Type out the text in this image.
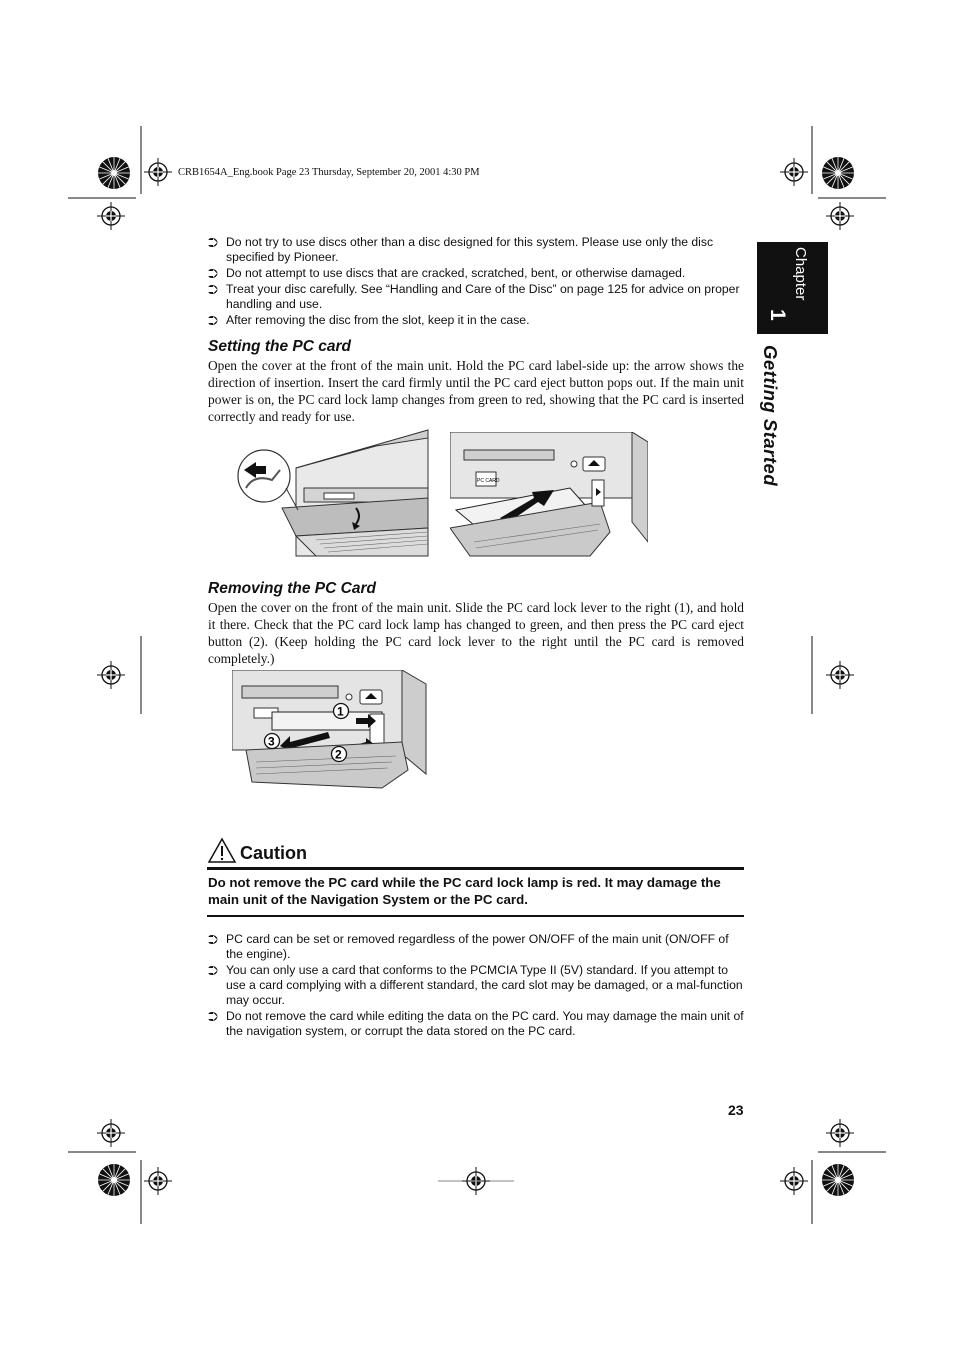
CRB1654A_Eng.book Page 23 Thursday, September 20, 2001 4:30 PM
Chapter
1
Getting Started
⮊ Do not try to use discs other than a disc designed for this system. Please use only the disc specified by Pioneer.
⮊ Do not attempt to use discs that are cracked, scratched, bent, or otherwise damaged.
⮊ Treat your disc carefully. See “Handling and Care of the Disc” on page 125 for advice on proper handling and use.
⮊ After removing the disc from the slot, keep it in the case.
Setting the PC card
Open the cover at the front of the main unit. Hold the PC card label-side up: the arrow shows the direction of insertion. Insert the card firmly until the PC card eject button pops out. If the main unit power is on, the PC card lock lamp changes from green to red, showing that the PC card is inserted correctly and ready for use.
PC CARD
Removing the PC Card
Open the cover on the front of the main unit. Slide the PC card lock lever to the right (1), and hold it there. Check that the PC card lock lamp has changed to green, and then press the PC card eject button (2). (Keep holding the PC card lock lever to the right until the PC card is removed completely.)
1
2
3
Caution
Do not remove the PC card while the PC card lock lamp is red. It may damage the main unit of the Navigation System or the PC card.
⮊ PC card can be set or removed regardless of the power ON/OFF of the main unit (ON/OFF of the engine).
⮊ You can only use a card that conforms to the PCMCIA Type II (5V) standard. If you attempt to use a card complying with a different standard, the card slot may be damaged, or a mal-function may occur.
⮊ Do not remove the card while editing the data on the PC card. You may damage the main unit of the navigation system, or corrupt the data stored on the PC card.
23
